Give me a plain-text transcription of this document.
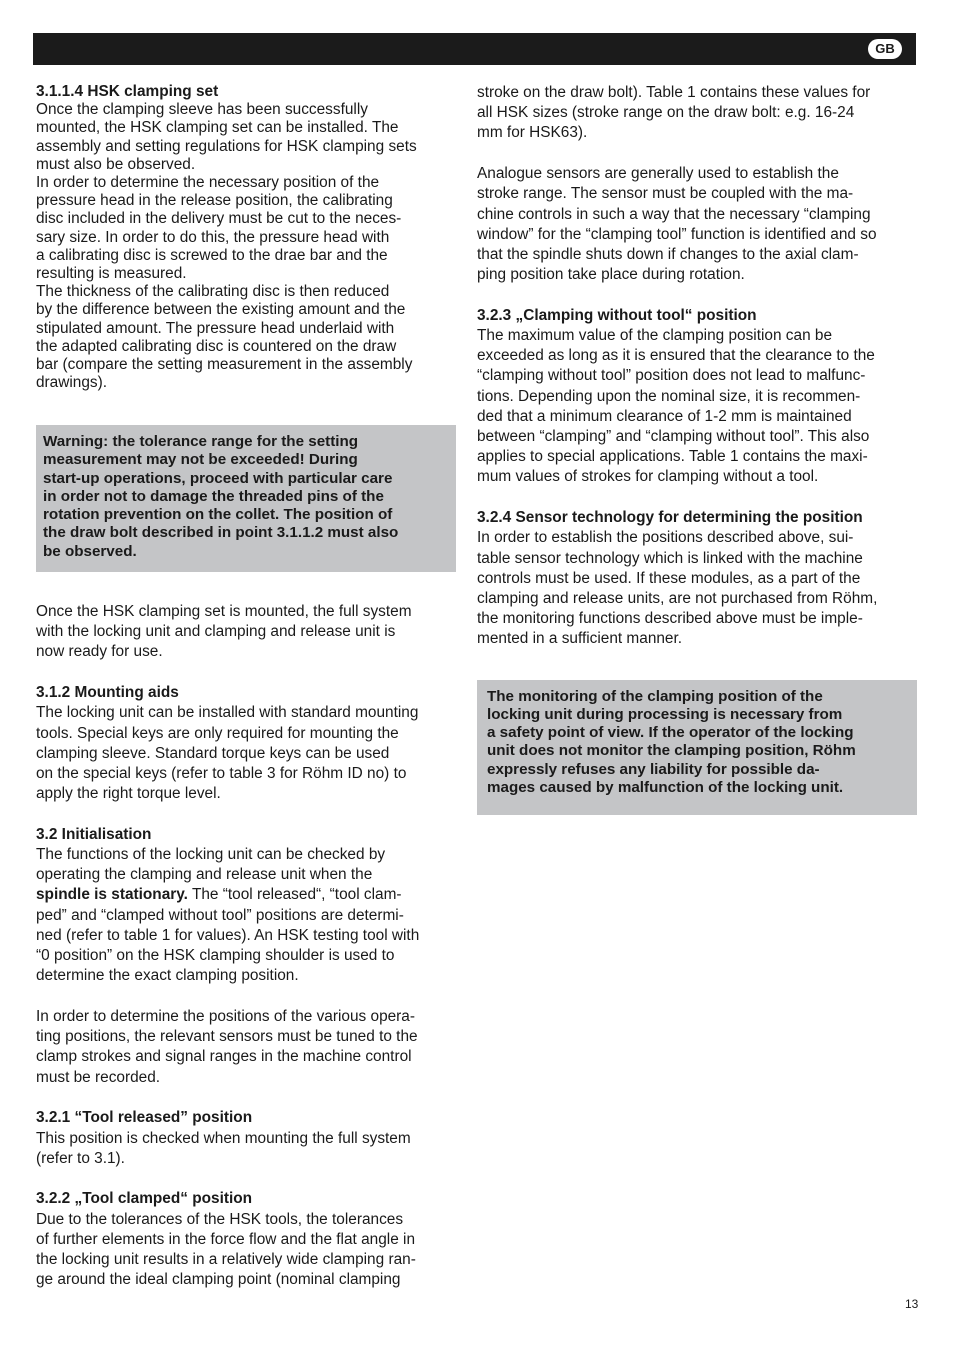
GB

3.1.1.4 HSK clamping set

Once the clamping sleeve has been successfully

mounted, the HSK clamping set can be installed. The

assembly and setting regulations for HSK clamping sets

must also be observed.

In order to determine the necessary position of the

pressure head in the release position, the calibrating

disc included in the delivery must be cut to the neces-

sary size. In order to do this, the pressure head with

a calibrating disc is screwed to the drae bar and the

resulting is measured.

The thickness of the calibrating disc is then reduced

by the difference between the existing amount and the

stipulated amount. The pressure head underlaid with

the adapted calibrating disc is countered on the draw

bar (compare the setting measurement in the assembly

drawings).

Warning: the tolerance range for the setting

measurement may not be exceeded! During

start-up operations, proceed with particular care

in order not to damage the threaded pins of the

rotation prevention on the collet. The position of

the draw bolt described in point 3.1.1.2 must also

be observed.

Once the HSK clamping set is mounted, the full system

with the locking unit and clamping and release unit is

now ready for use.

3.1.2 Mounting aids

The locking unit can be installed with standard mounting

tools. Special keys are only required for mounting the

clamping sleeve. Standard torque keys can be used

on the special keys (refer to table 3 for Röhm ID no) to

apply the right torque level.

3.2 Initialisation

The functions of the locking unit can be checked by

operating the clamping and release unit when the

spindle is stationary. The “tool released“, “tool clam-

ped” and “clamped without tool” positions are determi-

ned (refer to table 1 for values). An HSK testing tool with

“0 position” on the HSK clamping shoulder is used to

determine the exact clamping position.

In order to determine the positions of the various opera-

ting positions, the relevant sensors must be tuned to the

clamp strokes and signal ranges in the machine control

must be recorded.

3.2.1 “Tool released” position

This position is checked when mounting the full system

(refer to 3.1).

3.2.2 „Tool clamped“ position

Due to the tolerances of the HSK tools, the tolerances

of further elements in the force flow and the flat angle in

the locking unit results in a relatively wide clamping ran-

ge around the ideal clamping point (nominal clamping

stroke on the draw bolt). Table 1 contains these values for

all HSK sizes (stroke range on the draw bolt: e.g. 16-24

mm for HSK63).

Analogue sensors are generally used to establish the

stroke range. The sensor must be coupled with the ma-

chine controls in such a way that the necessary “clamping

window” for the “clamping tool” function is identified and so

that the spindle shuts down if changes to the axial clam-

ping position take place during rotation.

3.2.3 „Clamping without tool“ position

The maximum value of the clamping position can be

exceeded as long as it is ensured that the clearance to the

“clamping without tool” position does not lead to malfunc-

tions. Depending upon the nominal size, it is recommen-

ded that a minimum clearance of 1-2 mm is maintained

between “clamping” and “clamping without tool”. This also

applies to special applications. Table 1 contains the maxi-

mum values of strokes for clamping without a tool.

3.2.4 Sensor technology for determining the position

In order to establish the positions described above, sui-

table sensor technology which is linked with the machine

controls must be used. If these modules, as a part of the

clamping and release units, are not purchased from Röhm,

the monitoring functions described above must be imple-

mented in a sufficient manner.

The monitoring of the clamping position of the

locking unit during processing is necessary from

a safety point of view. If the operator of the locking

unit does not monitor the clamping position, Röhm

expressly refuses any liability for possible da-

mages caused by malfunction of the locking unit.

13
